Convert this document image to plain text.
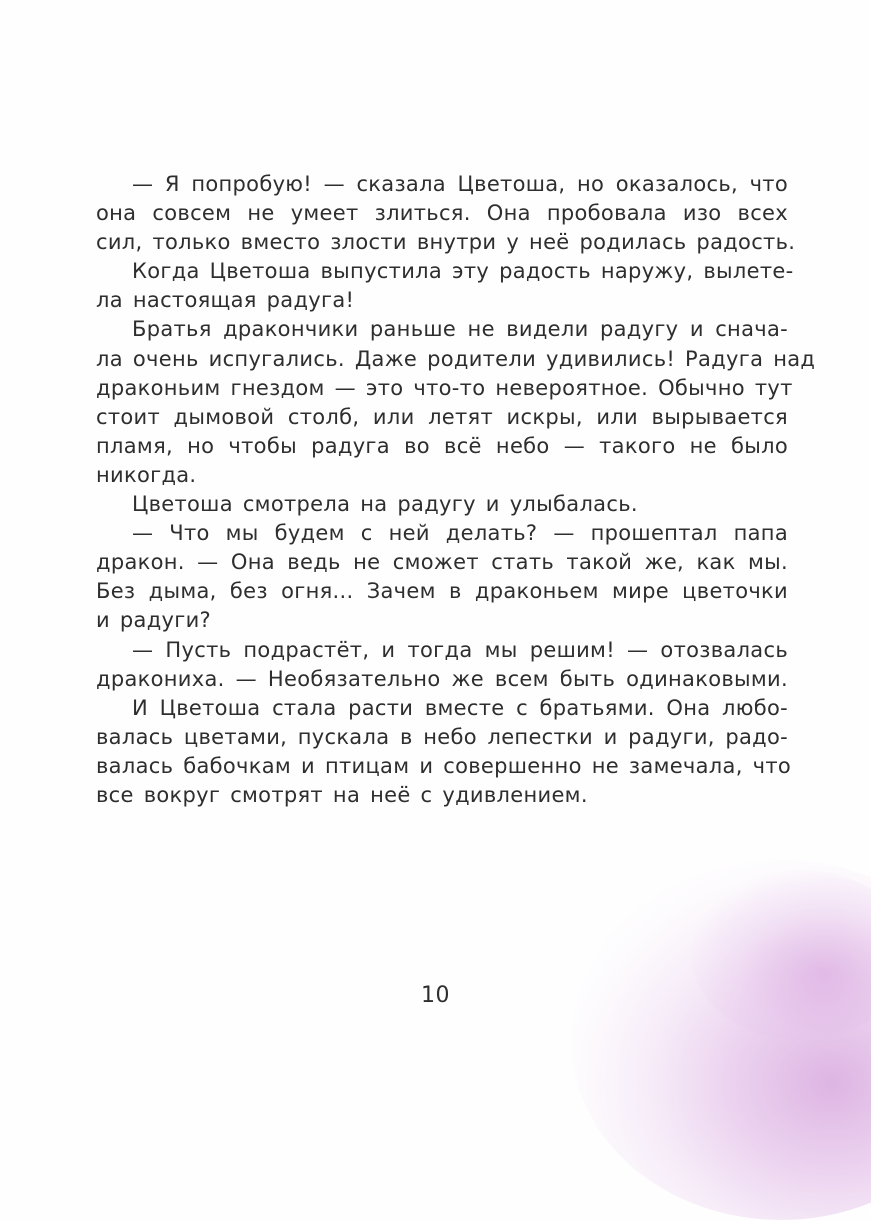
— Я попробую! — сказала Цветоша, но оказалось, что
она совсем не умеет злиться. Она пробовала изо всех
сил, только вместо злости внутри у неё родилась радость.

Когда Цветоша выпустила эту радость наружу, вылете-
ла настоящая радуга!

Братья дракончики раньше не видели радугу и снача-
ла очень испугались. Даже родители удивились! Радуга над
драконьим гнездом — это что-то невероятное. Обычно тут
стоит дымовой столб, или летят искры, или вырывается
пламя, но чтобы радуга во всё небо — такого не было
никогда.

Цветоша смотрела на радугу и улыбалась.

— Что мы будем с ней делать? — прошептал папа
дракон. — Она ведь не сможет стать такой же, как мы.
Без дыма, без огня... Зачем в драконьем мире цветочки
и радуги?

— Пусть подрастёт, и тогда мы решим! — отозвалась
дракониха. — Необязательно же всем быть одинаковыми.

И Цветоша стала расти вместе с братьями. Она любо-
валась цветами, пускала в небо лепестки и радуги, радо-
валась бабочкам и птицам и совершенно не замечала, что
все вокруг смотрят на неё с удивлением.

10
